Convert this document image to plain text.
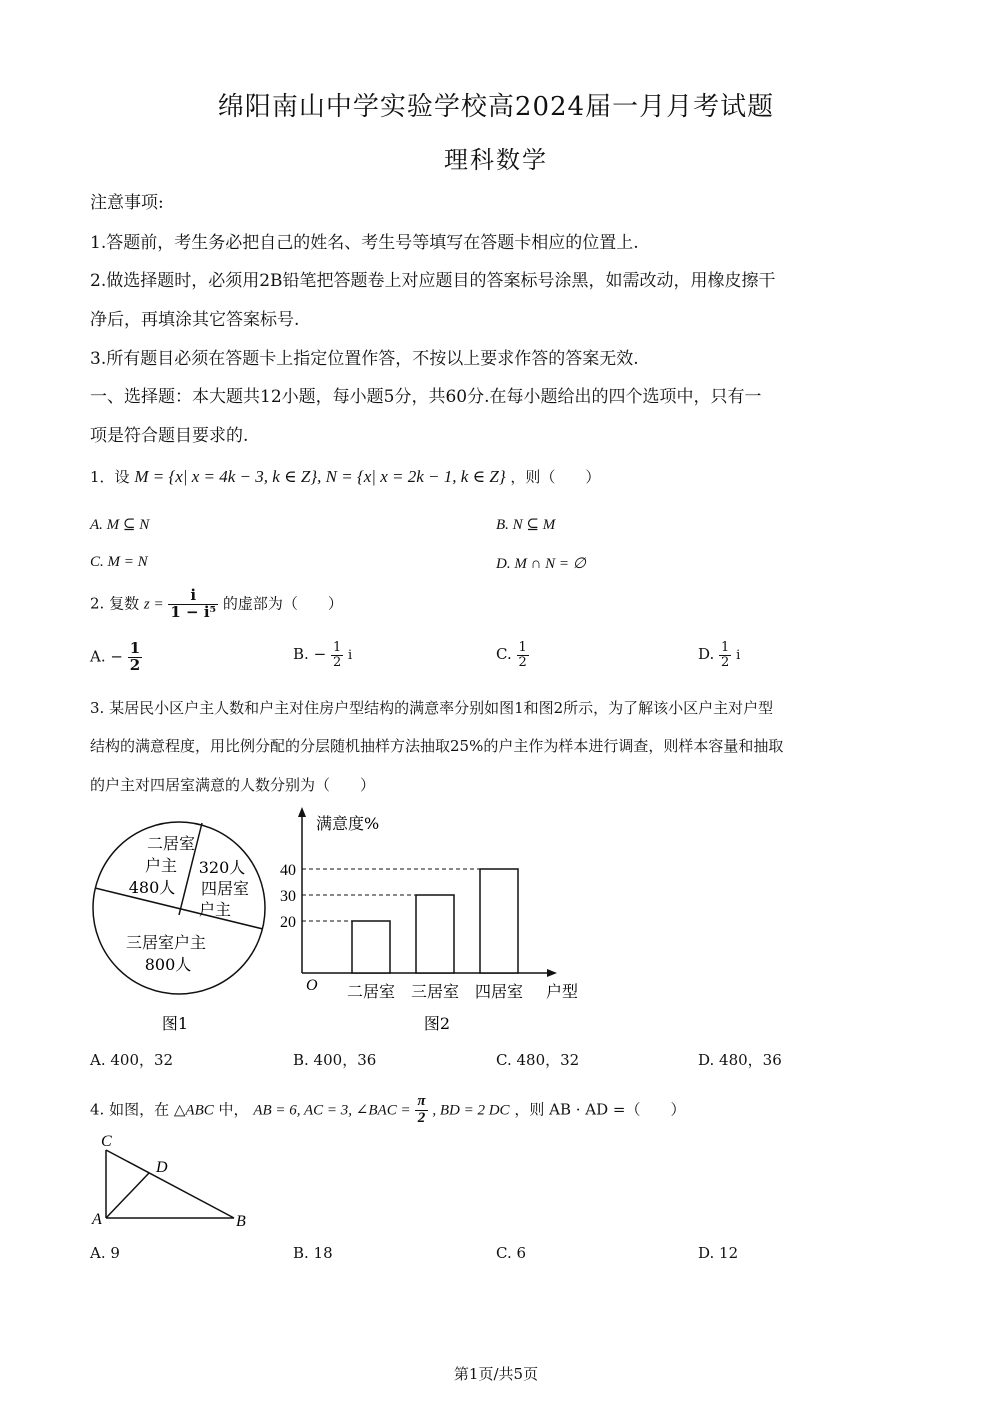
绵阳南山中学实验学校高2024届一月月考试题
理科数学
注意事项:
1.答题前，考生务必把自己的姓名、考生号等填写在答题卡相应的位置上.
2.做选择题时，必须用2B铅笔把答题卷上对应题目的答案标号涂黑，如需改动，用橡皮擦干
净后，再填涂其它答案标号.
3.所有题目必须在答题卡上指定位置作答，不按以上要求作答的答案无效.
一、选择题：本大题共12小题，每小题5分，共60分.在每小题给出的四个选项中，只有一
项是符合题目要求的.
1．设 M = {x| x = 4k − 3, k ∈ Z}, N = {x| x = 2k − 1, k ∈ Z} ，则（　　）
A. M ⊆ N	B. N ⊆ M
C. M = N	D. M ∩ N = ∅
2. 复数 $z = \frac{i}{\text{1 − i⁵}}$ 的虚部为（　　）
A. − $\frac{1}{2}$	B. − $\frac{1}{2}$ i	C. $\frac{1}{2}$	D. $\frac{1}{2}$ i
3. 某居民小区户主人数和户主对住房户型结构的满意率分别如图1和图2所示，为了解该小区户主对户型
结构的满意程度，用比例分配的分层随机抽样方法抽取25%的户主作为样本进行调查，则样本容量和抽取
的户主对四居室满意的人数分别为（　　）
二居室
户主
480人
320人
四居室
户主
三居室户主
800人
图1
满意度%
O	户型
20
30
40
二居室 三居室 四居室
图2
A. 400，32	B. 400，36	C. 480，32	D. 480，36
4. 如图，在 △ABC 中， AB = 6, AC = 3, ∠BAC = $\frac{\pi}{2}$ , BD = 2 DC ，则 AB · AD =（　　）
C
D
A	B
A. 9	B. 18	C. 6	D. 12
第1页/共5页
